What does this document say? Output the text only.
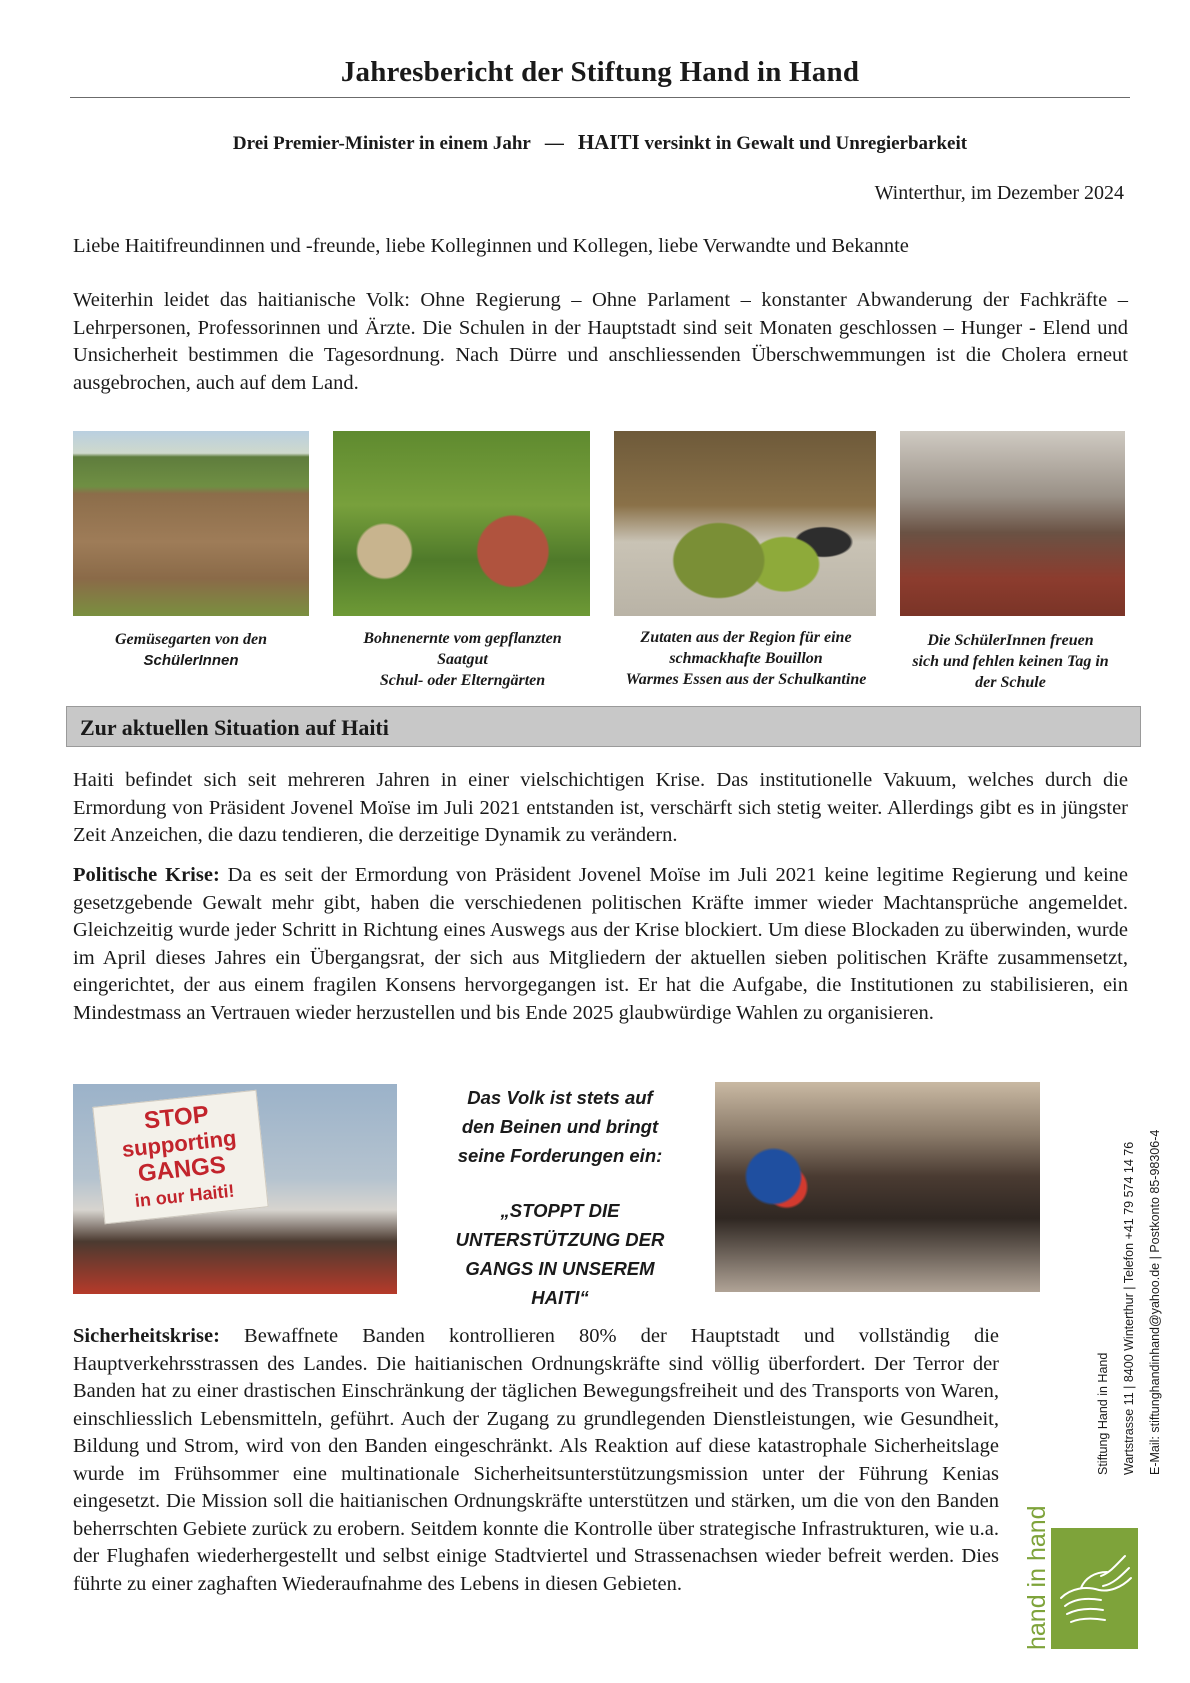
Jahresbericht der Stiftung Hand in Hand
Drei Premier-Minister in einem Jahr — HAITI versinkt in Gewalt und Unregierbarkeit
Winterthur, im Dezember 2024

Liebe Haitifreundinnen und -freunde, liebe Kolleginnen und Kollegen, liebe Verwandte und Bekannte

Weiterhin leidet das haitianische Volk: Ohne Regierung – Ohne Parlament – konstanter Abwanderung der Fachkräfte – Lehrpersonen, Professorinnen und Ärzte. Die Schulen in der Hauptstadt sind seit Monaten geschlossen – Hunger - Elend und Unsicherheit bestimmen die Tagesordnung. Nach Dürre und anschliessenden Überschwemmungen ist die Cholera erneut ausgebrochen, auch auf dem Land.

Gemüsegarten von den
SchülerInnen
Bohnenernte vom gepflanzten
Saatgut
Schul- oder Elterngärten
Zutaten aus der Region für eine
schmackhafte Bouillon
Warmes Essen aus der Schulkantine
Die SchülerInnen freuen
sich und fehlen keinen Tag in
der Schule
Zur aktuellen Situation auf Haiti

Haiti befindet sich seit mehreren Jahren in einer vielschichtigen Krise. Das institutionelle Vakuum, welches durch die Ermordung von Präsident Jovenel Moïse im Juli 2021 entstanden ist, verschärft sich stetig weiter. Allerdings gibt es in jüngster Zeit Anzeichen, die dazu tendieren, die derzeitige Dynamik zu verändern.

Politische Krise: Da es seit der Ermordung von Präsident Jovenel Moïse im Juli 2021 keine legitime Regierung und keine gesetzgebende Gewalt mehr gibt, haben die verschiedenen politischen Kräfte immer wieder Machtansprüche angemeldet. Gleichzeitig wurde jeder Schritt in Richtung eines Auswegs aus der Krise blockiert. Um diese Blockaden zu überwinden, wurde im April dieses Jahres ein Übergangsrat, der sich aus Mitgliedern der aktuellen sieben politischen Kräfte zusammensetzt, eingerichtet, der aus einem fragilen Konsens hervorgegangen ist. Er hat die Aufgabe, die Institutionen zu stabilisieren, ein Mindestmass an Vertrauen wieder herzustellen und bis Ende 2025 glaubwürdige Wahlen zu organisieren.

STOP
supporting
GANGS
in our Haiti!
Das Volk ist stets auf
den Beinen und bringt
seine Forderungen ein:
„STOPPT DIE
UNTERSTÜTZUNG DER
GANGS IN UNSEREM
HAITI“

Sicherheitskrise: Bewaffnete Banden kontrollieren 80% der Hauptstadt und vollständig die Hauptverkehrsstrassen des Landes. Die haitianischen Ordnungskräfte sind völlig überfordert. Der Terror der Banden hat zu einer drastischen Einschränkung der täglichen Bewegungsfreiheit und des Transports von Waren, einschliesslich Lebensmitteln, geführt. Auch der Zugang zu grundlegenden Dienstleistungen, wie Gesundheit, Bildung und Strom, wird von den Banden eingeschränkt. Als Reaktion auf diese katastrophale Sicherheitslage wurde im Frühsommer eine multinationale Sicherheitsunterstützungsmission unter der Führung Kenias eingesetzt. Die Mission soll die haitianischen Ordnungskräfte unterstützen und stärken, um die von den Banden beherrschten Gebiete zurück zu erobern. Seitdem konnte die Kontrolle über strategische Infrastrukturen, wie u.a. der Flughafen wiederhergestellt und selbst einige Stadtviertel und Strassenachsen wieder befreit werden. Dies führte zu einer zaghaften Wiederaufnahme des Lebens in diesen Gebieten.

Stiftung Hand in Hand Wartstrasse 11 | 8400 Winterthur | Telefon +41 79 574 14 76 E-Mail: stiftunghandinhand@yahoo.de | Postkonto 85-98306-4
hand in hand
